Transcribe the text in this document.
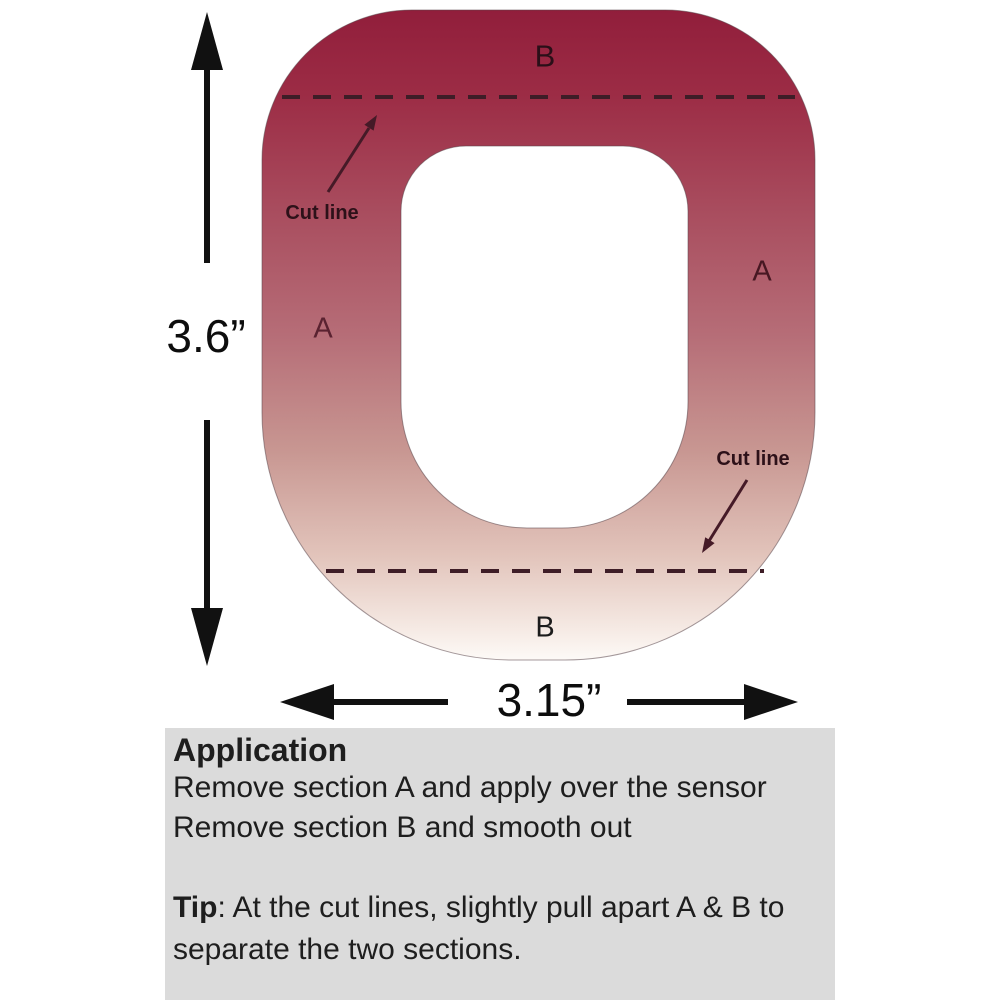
B
A
A
B
Cut line
Cut line
3.6”
3.15”
Application
Remove section A and apply over the sensor
Remove section B and smooth out
Tip: At the cut lines, slightly pull apart A & B to
separate the two sections.
